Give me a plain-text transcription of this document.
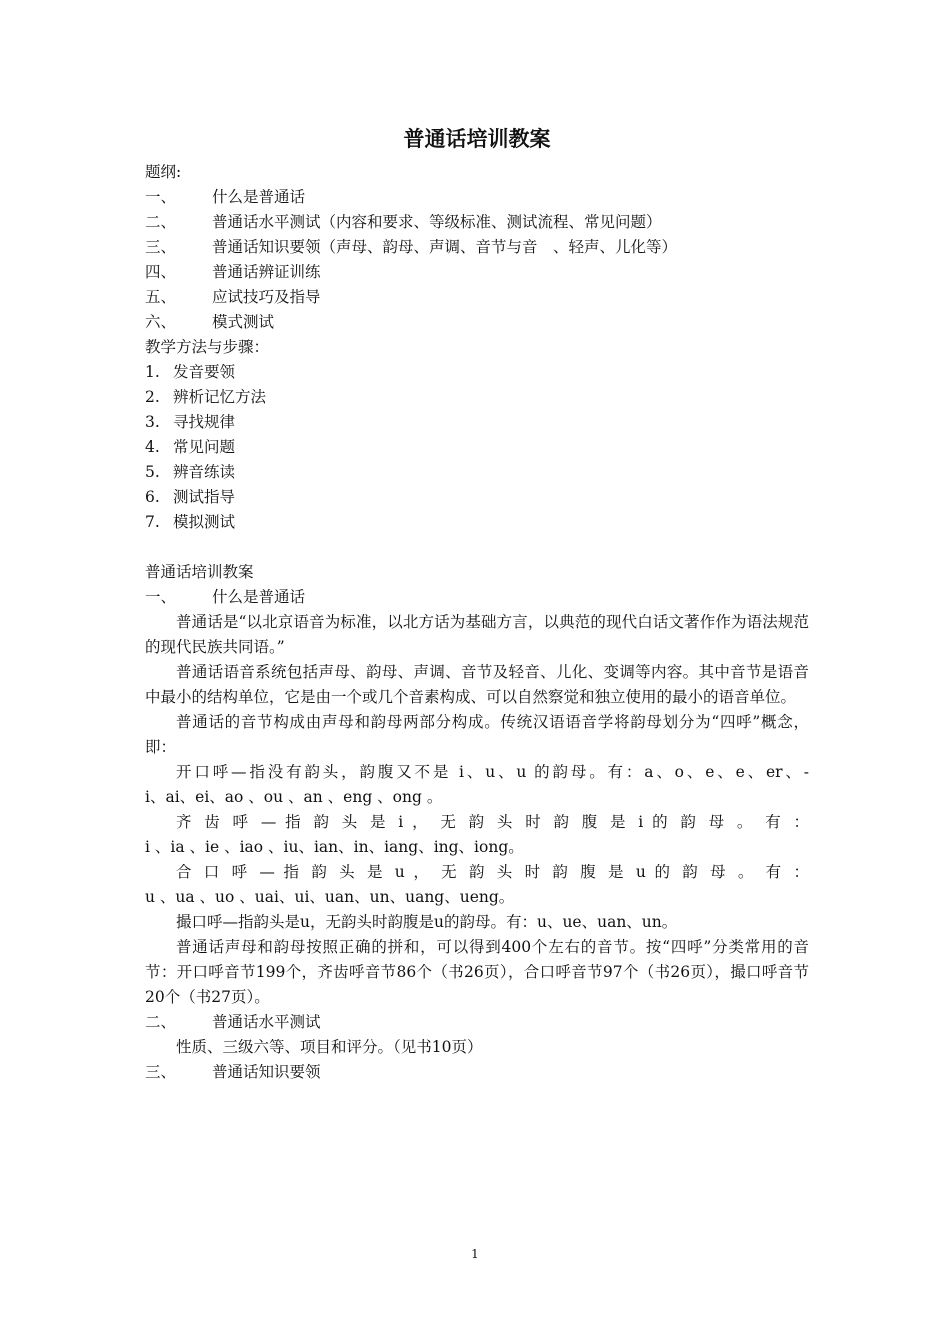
普通话培训教案
题纲:
一、 什么是普通话
二、 普通话水平测试（内容和要求、等级标准、测试流程、常见问题）
三、 普通话知识要领（声母、韵母、声调、音节与音　、轻声、儿化等）
四、 普通话辨证训练
五、 应试技巧及指导
六、 模式测试
教学方法与步骤：
1. 发音要领
2. 辨析记忆方法
3. 寻找规律
4. 常见问题
5. 辨音练读
6. 测试指导
7. 模拟测试
普通话培训教案
一、 什么是普通话

普通话是“以北京语音为标准，以北方话为基础方言，以典范的现代白话文著作作为语法规范的现代民族共同语。”

普通话语音系统包括声母、韵母、声调、音节及轻音、儿化、变调等内容。其中音节是语音中最小的结构单位，它是由一个或几个音素构成、可以自然察觉和独立使用的最小的语音单位。

普通话的音节构成由声母和韵母两部分构成。传统汉语语音学将韵母划分为“四呼”概念，即：

开口呼—指没有韵头，韵腹又不是 i、u、u 的韵母。有：a、o、e、e、er、-

i、ai、ei、ao 、ou 、an 、eng 、ong 。

齐 齿 呼 — 指 韵 头 是 i ， 无 韵 头 时 韵 腹 是 i 的 韵 母 。 有 ：

i 、ia 、ie 、iao 、iu、ian、in、iang、ing、iong。

合 口 呼 — 指 韵 头 是 u ， 无 韵 头 时 韵 腹 是 u 的 韵 母 。 有 ：

u 、ua 、uo 、uai、ui、uan、un、uang、ueng。

撮口呼—指韵头是u，无韵头时韵腹是u的韵母。有：u、ue、uan、un。

普通话声母和韵母按照正确的拼和，可以得到400个左右的音节。按“四呼”分类常用的音节：开口呼音节199个，齐齿呼音节86个（书26页），合口呼音节97个（书26页），撮口呼音节20个（书27页）。

二、 普通话水平测试

性质、三级六等、项目和评分。（见书10页）

三、 普通话知识要领
1
